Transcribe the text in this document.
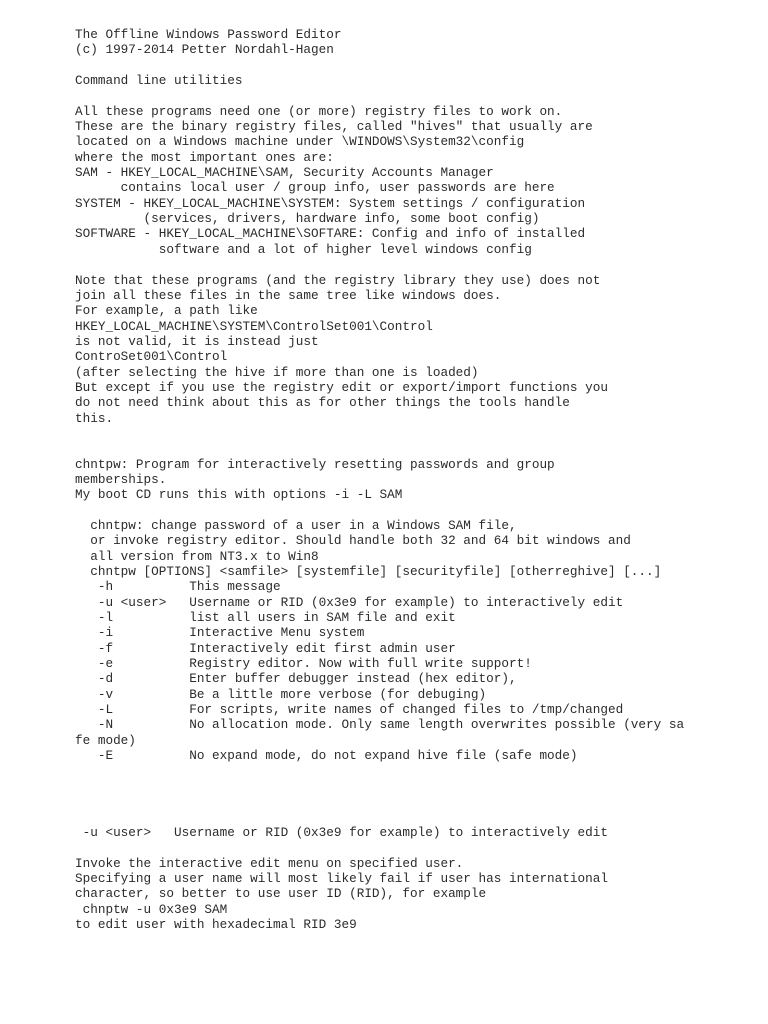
The Offline Windows Password Editor
(c) 1997-2014 Petter Nordahl-Hagen
Command line utilities
All these programs need one (or more) registry files to work on.
These are the binary registry files, called "hives" that usually are
located on a Windows machine under \WINDOWS\System32\config
where the most important ones are:
SAM - HKEY_LOCAL_MACHINE\SAM, Security Accounts Manager
contains local user / group info, user passwords are here
SYSTEM - HKEY_LOCAL_MACHINE\SYSTEM: System settings / configuration
(services, drivers, hardware info, some boot config)
SOFTWARE - HKEY_LOCAL_MACHINE\SOFTARE: Config and info of installed
software and a lot of higher level windows config
Note that these programs (and the registry library they use) does not
join all these files in the same tree like windows does.
For example, a path like
HKEY_LOCAL_MACHINE\SYSTEM\ControlSet001\Control
is not valid, it is instead just
ControSet001\Control
(after selecting the hive if more than one is loaded)
But except if you use the registry edit or export/import functions you
do not need think about this as for other things the tools handle
this.
chntpw: Program for interactively resetting passwords and group
memberships.
My boot CD runs this with options -i -L SAM
chntpw: change password of a user in a Windows SAM file,
or invoke registry editor. Should handle both 32 and 64 bit windows and
all version from NT3.x to Win8
chntpw [OPTIONS] <samfile> [systemfile] [securityfile] [otherreghive] [...]
-h          This message
-u <user>   Username or RID (0x3e9 for example) to interactively edit
-l          list all users in SAM file and exit
-i          Interactive Menu system
-f          Interactively edit first admin user
-e          Registry editor. Now with full write support!
-d          Enter buffer debugger instead (hex editor),
-v          Be a little more verbose (for debuging)
-L          For scripts, write names of changed files to /tmp/changed
-N          No allocation mode. Only same length overwrites possible (very sa
fe mode)
-E          No expand mode, do not expand hive file (safe mode)
-u <user>   Username or RID (0x3e9 for example) to interactively edit
Invoke the interactive edit menu on specified user.
Specifying a user name will most likely fail if user has international
character, so better to use user ID (RID), for example
chnptw -u 0x3e9 SAM
to edit user with hexadecimal RID 3e9
